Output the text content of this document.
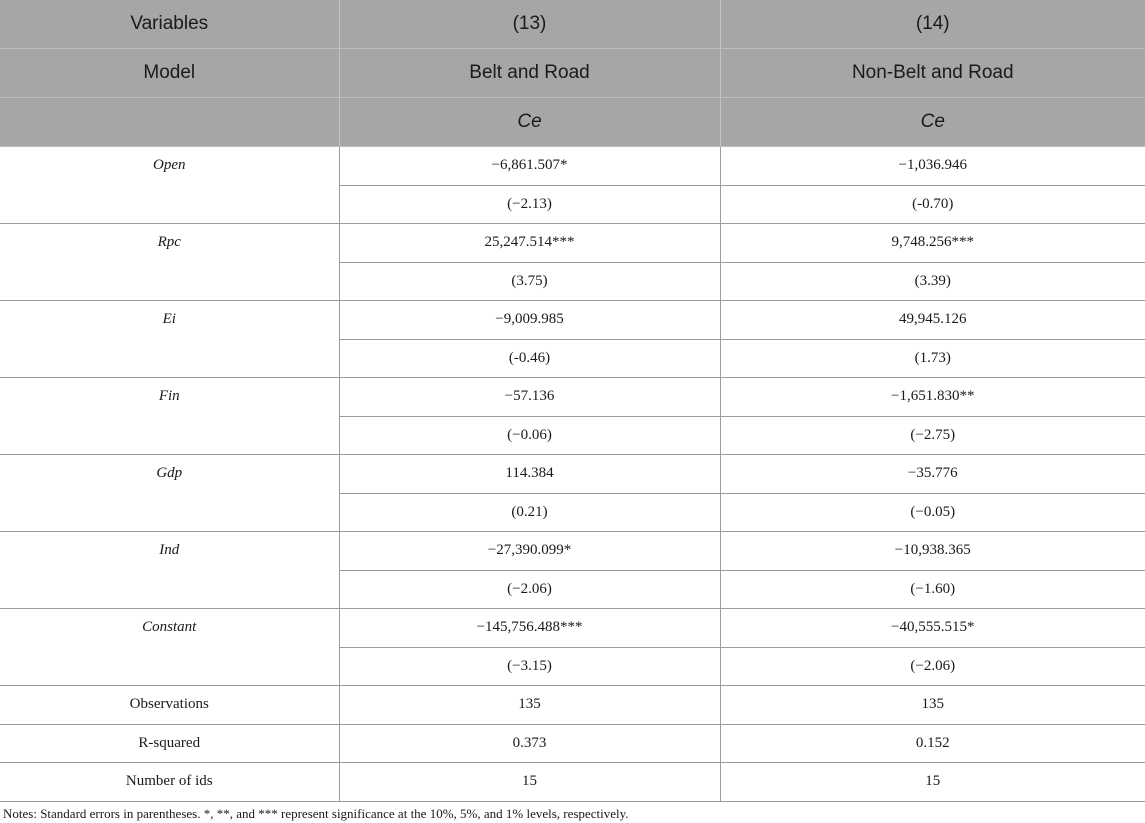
Variables	(13)	(14)
Model	Belt and Road	Non-Belt and Road
	Ce	Ce
Open	−6,861.507*	−1,036.946
	(−2.13)	(-0.70)
Rpc	25,247.514***	9,748.256***
	(3.75)	(3.39)
Ei	−9,009.985	49,945.126
	(-0.46)	(1.73)
Fin	−57.136	−1,651.830**
	(−0.06)	(−2.75)
Gdp	114.384	−35.776
	(0.21)	(−0.05)
Ind	−27,390.099*	−10,938.365
	(−2.06)	(−1.60)
Constant	−145,756.488***	−40,555.515*
	(−3.15)	(−2.06)
Observations	135	135
R-squared	0.373	0.152
Number of ids	15	15

Notes: Standard errors in parentheses. *, **, and *** represent significance at the 10%, 5%, and 1% levels, respectively.
